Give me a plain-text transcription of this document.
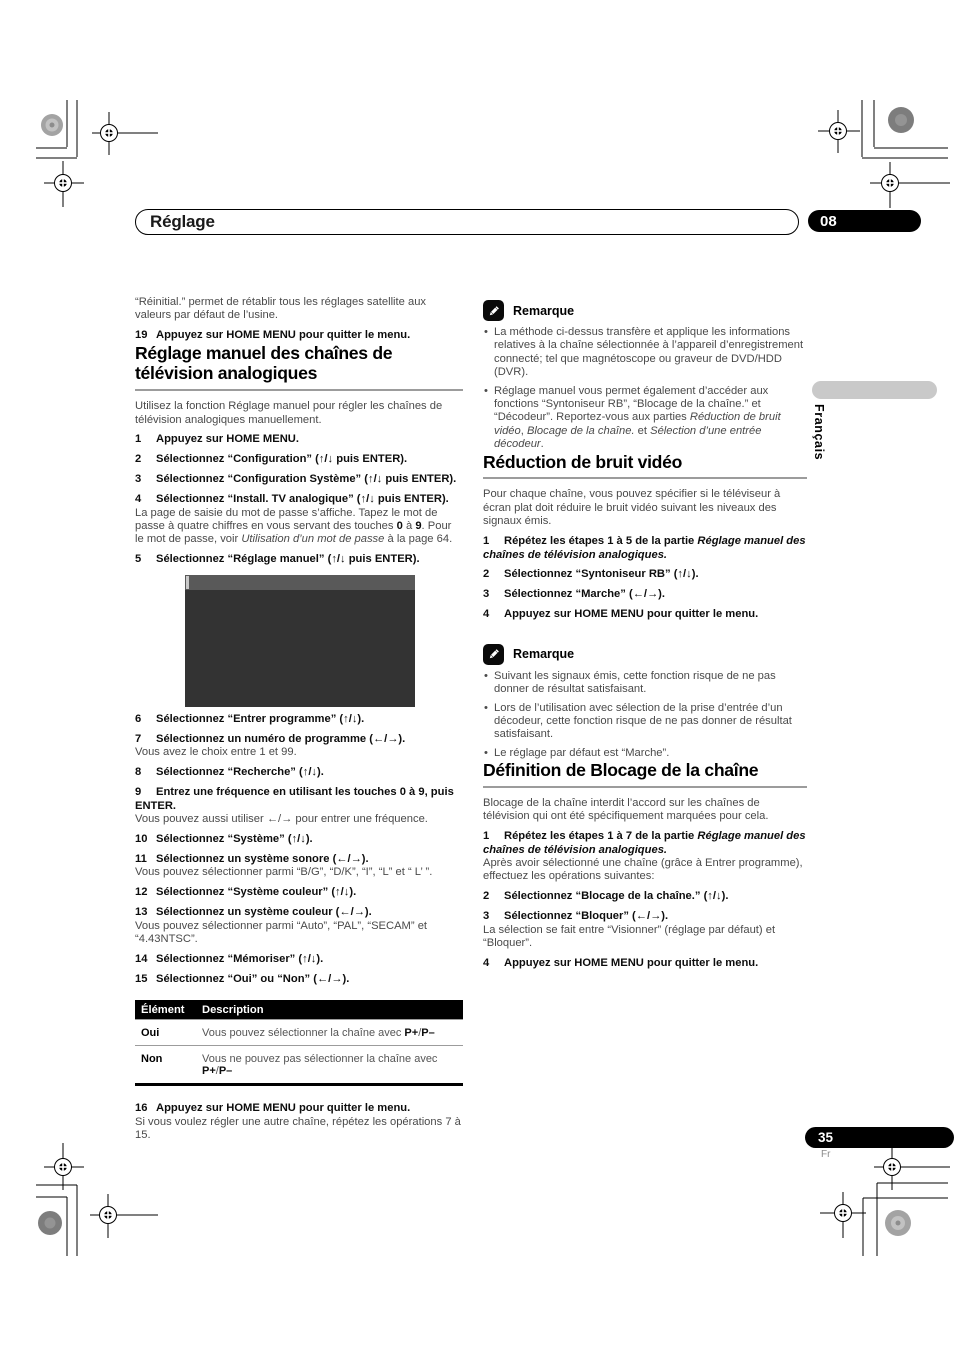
Réglage	08
Français
“Réinitial.” permet de rétablir tous les réglages satellite aux valeurs par défaut de l’usine.
19 Appuyez sur HOME MENU pour quitter le menu.
Réglage manuel des chaînes de télévision analogiques
Utilisez la fonction Réglage manuel pour régler les chaînes de télévision analogiques manuellement.
1 Appuyez sur HOME MENU.
2 Sélectionnez “Configuration” (↑/↓ puis ENTER).
3 Sélectionnez “Configuration Système” (↑/↓ puis ENTER).
4 Sélectionnez “Install. TV analogique” (↑/↓ puis ENTER).
La page de saisie du mot de passe s’affiche. Tapez le mot de passe à quatre chiffres en vous servant des touches 0 à 9. Pour le mot de passe, voir Utilisation d’un mot de passe à la page 64.
5 Sélectionnez “Réglage manuel” (↑/↓ puis ENTER).
6 Sélectionnez “Entrer programme” (↑/↓).
7 Sélectionnez un numéro de programme (←/→).
Vous avez le choix entre 1 et 99.
8 Sélectionnez “Recherche” (↑/↓).
9 Entrez une fréquence en utilisant les touches 0 à 9, puis ENTER.
Vous pouvez aussi utiliser ←/→ pour entrer une fréquence.
10 Sélectionnez “Système” (↑/↓).
11 Sélectionnez un système sonore (←/→).
Vous pouvez sélectionner parmi “B/G”, “D/K”, “I”, “L” et “ L’ ”.
12 Sélectionnez “Système couleur” (↑/↓).
13 Sélectionnez un système couleur (←/→).
Vous pouvez sélectionner parmi “Auto”, “PAL”, “SECAM” et “4.43NTSC”.
14 Sélectionnez “Mémoriser” (↑/↓).
15 Sélectionnez “Oui” ou “Non” (←/→).
Élément	Description
Oui	Vous pouvez sélectionner la chaîne avec P+/P–
Non	Vous ne pouvez pas sélectionner la chaîne avec P+/P–
16 Appuyez sur HOME MENU pour quitter le menu.
Si vous voulez régler une autre chaîne, répétez les opérations 7 à 15.
Remarque
• La méthode ci-dessus transfère et applique les informations relatives à la chaîne sélectionnée à l’appareil d’enregistrement connecté; tel que magnétoscope ou graveur de DVD/HDD (DVR).
• Réglage manuel vous permet également d’accéder aux fonctions “Syntoniseur RB”, “Blocage de la chaîne.” et “Décodeur”. Reportez-vous aux parties Réduction de bruit vidéo, Blocage de la chaîne. et Sélection d’une entrée décodeur.
Réduction de bruit vidéo
Pour chaque chaîne, vous pouvez spécifier si le téléviseur à écran plat doit réduire le bruit vidéo suivant les niveaux des signaux émis.
1 Répétez les étapes 1 à 5 de la partie Réglage manuel des chaînes de télévision analogiques.
2 Sélectionnez “Syntoniseur RB” (↑/↓).
3 Sélectionnez “Marche” (←/→).
4 Appuyez sur HOME MENU pour quitter le menu.
Remarque
• Suivant les signaux émis, cette fonction risque de ne pas donner de résultat satisfaisant.
• Lors de l’utilisation avec sélection de la prise d’entrée d’un décodeur, cette fonction risque de ne pas donner de résultat satisfaisant.
• Le réglage par défaut est “Marche”.
Définition de Blocage de la chaîne
Blocage de la chaîne interdit l’accord sur les chaînes de télévision qui ont été spécifiquement marquées pour cela.
1 Répétez les étapes 1 à 7 de la partie Réglage manuel des chaînes de télévision analogiques.
Après avoir sélectionné une chaîne (grâce à Entrer programme), effectuez les opérations suivantes:
2 Sélectionnez “Blocage de la chaîne.” (↑/↓).
3 Sélectionnez “Bloquer” (←/→).
La sélection se fait entre “Visionner” (réglage par défaut) et “Bloquer”.
4 Appuyez sur HOME MENU pour quitter le menu.
35
Fr
